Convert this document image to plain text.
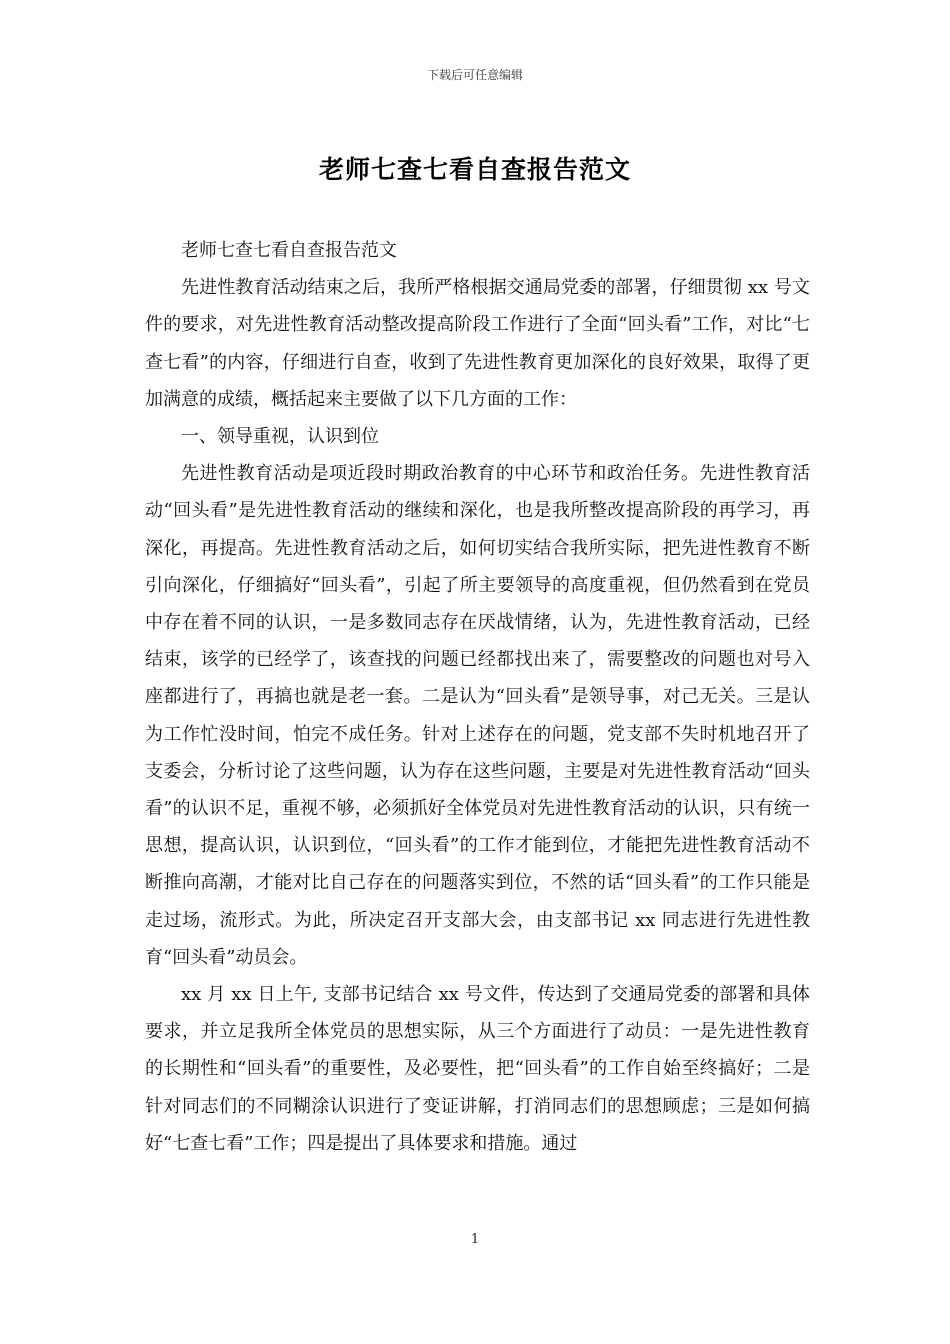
下载后可任意编辑
老师七查七看自查报告范文

老师七查七看自查报告范文

先进性教育活动结束之后，我所严格根据交通局党委的部署，仔细贯彻 xx 号文件的要求，对先进性教育活动整改提高阶段工作进行了全面“回头看”工作，对比“七查七看”的内容，仔细进行自查，收到了先进性教育更加深化的良好效果，取得了更加满意的成绩，概括起来主要做了以下几方面的工作：

一、领导重视，认识到位

先进性教育活动是项近段时期政治教育的中心环节和政治任务。先进性教育活动“回头看”是先进性教育活动的继续和深化，也是我所整改提高阶段的再学习，再深化，再提高。先进性教育活动之后，如何切实结合我所实际，把先进性教育不断引向深化，仔细搞好“回头看”，引起了所主要领导的高度重视，但仍然看到在党员中存在着不同的认识，一是多数同志存在厌战情绪，认为，先进性教育活动，已经结束，该学的已经学了，该查找的问题已经都找出来了，需要整改的问题也对号入座都进行了，再搞也就是老一套。二是认为“回头看”是领导事，对己无关。三是认为工作忙没时间，怕完不成任务。针对上述存在的问题，党支部不失时机地召开了支委会，分析讨论了这些问题，认为存在这些问题，主要是对先进性教育活动“回头看”的认识不足，重视不够，必须抓好全体党员对先进性教育活动的认识，只有统一思想，提高认识，认识到位，“回头看”的工作才能到位，才能把先进性教育活动不断推向高潮，才能对比自己存在的问题落实到位，不然的话“回头看”的工作只能是走过场，流形式。为此，所决定召开支部大会，由支部书记 xx 同志进行先进性教育“回头看”动员会。

xx 月 xx 日上午, 支部书记结合 xx 号文件，传达到了交通局党委的部署和具体要求，并立足我所全体党员的思想实际，从三个方面进行了动员：一是先进性教育的长期性和“回头看”的重要性，及必要性，把“回头看”的工作自始至终搞好；二是针对同志们的不同糊涂认识进行了变证讲解，打消同志们的思想顾虑；三是如何搞好“七查七看”工作；四是提出了具体要求和措施。通过

1
